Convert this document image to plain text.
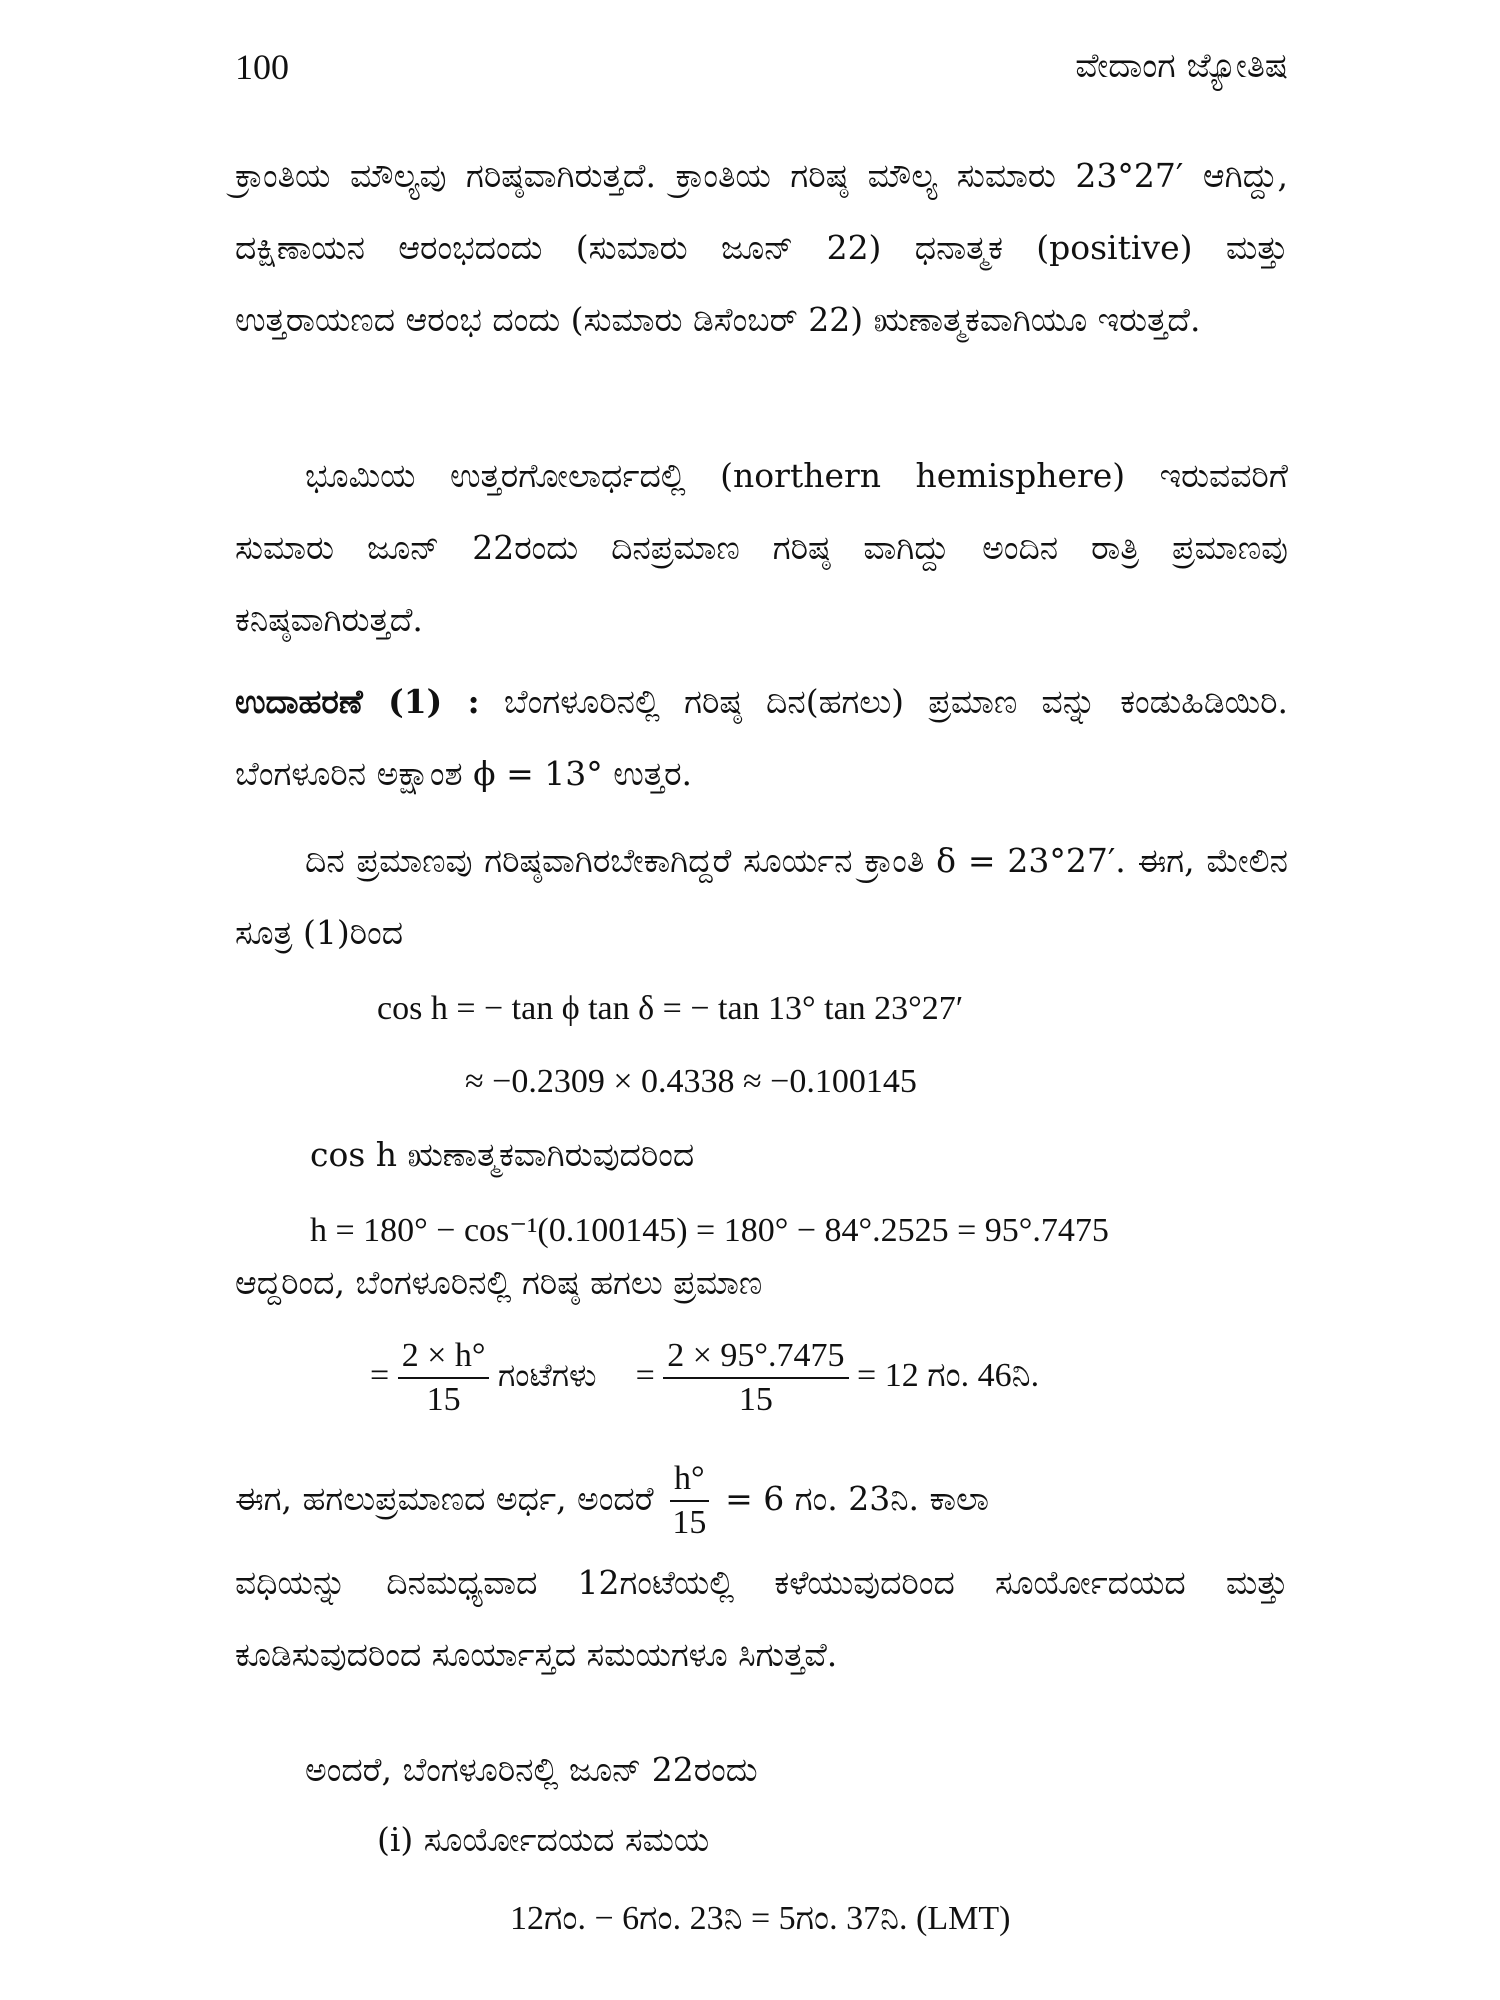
100	ವೇದಾಂಗ ಜ್ಯೋತಿಷ
ಕ್ರಾಂತಿಯ ಮೌಲ್ಯವು ಗರಿಷ್ಠವಾಗಿರುತ್ತದೆ. ಕ್ರಾಂತಿಯ ಗರಿಷ್ಠ ಮೌಲ್ಯ ಸುಮಾರು 23°27′ ಆಗಿದ್ದು, ದಕ್ಷಿಣಾಯನ ಆರಂಭದಂದು (ಸುಮಾರು ಜೂನ್ 22) ಧನಾತ್ಮಕ (positive) ಮತ್ತು ಉತ್ತರಾಯಣದ ಆರಂಭ ದಂದು (ಸುಮಾರು ಡಿಸೆಂಬರ್ 22) ಋಣಾತ್ಮಕವಾಗಿಯೂ ಇರುತ್ತದೆ.
ಭೂಮಿಯ ಉತ್ತರಗೋಲಾರ್ಧದಲ್ಲಿ (northern hemisphere) ಇರುವವರಿಗೆ ಸುಮಾರು ಜೂನ್ 22ರಂದು ದಿನಪ್ರಮಾಣ ಗರಿಷ್ಠ ವಾಗಿದ್ದು ಅಂದಿನ ರಾತ್ರಿ ಪ್ರಮಾಣವು ಕನಿಷ್ಠವಾಗಿರುತ್ತದೆ.
ಉದಾಹರಣೆ (1) : ಬೆಂಗಳೂರಿನಲ್ಲಿ ಗರಿಷ್ಠ ದಿನ(ಹಗಲು) ಪ್ರಮಾಣ ವನ್ನು ಕಂಡುಹಿಡಿಯಿರಿ. ಬೆಂಗಳೂರಿನ ಅಕ್ಷಾಂಶ ϕ = 13° ಉತ್ತರ.
ದಿನ ಪ್ರಮಾಣವು ಗರಿಷ್ಠವಾಗಿರಬೇಕಾಗಿದ್ದರೆ ಸೂರ್ಯನ ಕ್ರಾಂತಿ δ = 23°27′. ಈಗ, ಮೇಲಿನ ಸೂತ್ರ (1)ರಿಂದ
cos h = − tan ϕ tan δ = − tan 13° tan 23°27′
≈ −0.2309 × 0.4338 ≈ −0.100145
cos h ಋಣಾತ್ಮಕವಾಗಿರುವುದರಿಂದ
h = 180° − cos⁻¹(0.100145) = 180° − 84°.2525 = 95°.7475
ಆದ್ದರಿಂದ, ಬೆಂಗಳೂರಿನಲ್ಲಿ ಗರಿಷ್ಠ ಹಗಲು ಪ್ರಮಾಣ
= $\frac{2 \times h^\circ}{15}$ ಗಂಟೆಗಳು = $\frac{2 \times 95^\circ.7475}{15} = 12$ ಗಂ. 46ನಿ.
ಈಗ, ಹಗಲುಪ್ರಮಾಣದ ಅರ್ಧ, ಅಂದರೆ $\frac{h^\circ}{15} = 6$ ಗಂ. 23ನಿ. ಕಾಲಾ
ವಧಿಯನ್ನು ದಿನಮಧ್ಯವಾದ 12ಗಂಟೆಯಲ್ಲಿ ಕಳೆಯುವುದರಿಂದ ಸೂರ್ಯೋದಯದ ಮತ್ತು ಕೂಡಿಸುವುದರಿಂದ ಸೂರ್ಯಾಸ್ತದ ಸಮಯಗಳೂ ಸಿಗುತ್ತವೆ.
ಅಂದರೆ, ಬೆಂಗಳೂರಿನಲ್ಲಿ ಜೂನ್ 22ರಂದು
(i) ಸೂರ್ಯೋದಯದ ಸಮಯ
12ಗಂ. − 6ಗಂ. 23ನಿ = 5ಗಂ. 37ನಿ. (LMT)
